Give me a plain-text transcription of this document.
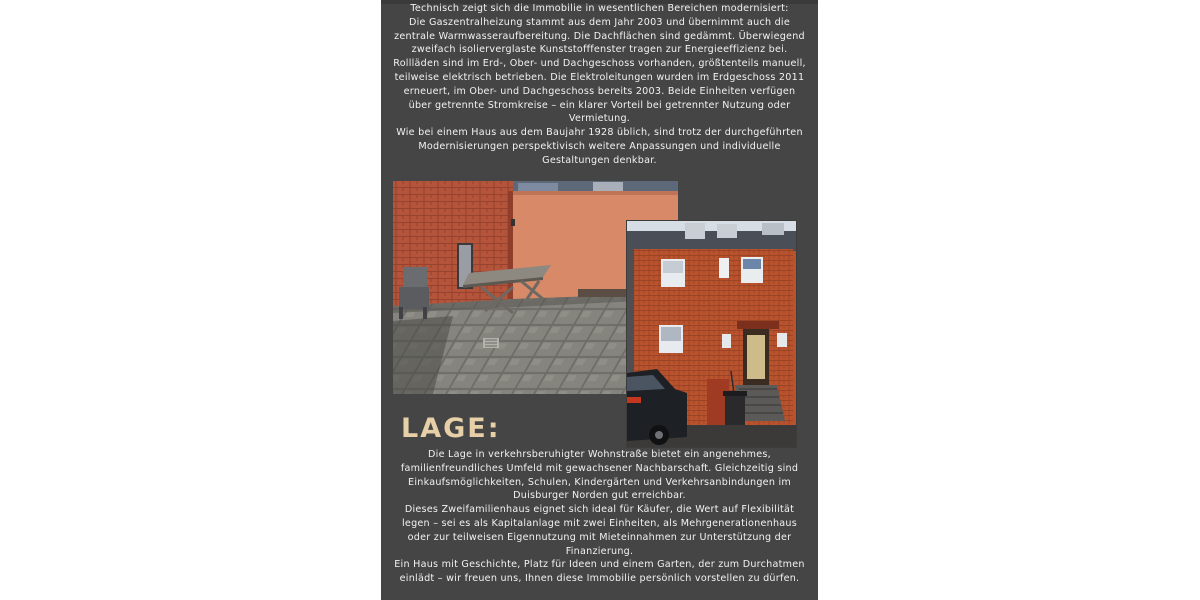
Technisch zeigt sich die Immobilie in wesentlichen Bereichen modernisiert:
Die Gaszentralheizung stammt aus dem Jahr 2003 und übernimmt auch die
zentrale Warmwasseraufbereitung. Die Dachflächen sind gedämmt. Überwiegend
zweifach isolierverglaste Kunststofffenster tragen zur Energieeffizienz bei.
Rollläden sind im Erd-, Ober- und Dachgeschoss vorhanden, größtenteils manuell,
teilweise elektrisch betrieben. Die Elektroleitungen wurden im Erdgeschoss 2011
erneuert, im Ober- und Dachgeschoss bereits 2003. Beide Einheiten verfügen
über getrennte Stromkreise – ein klarer Vorteil bei getrennter Nutzung oder
Vermietung.
Wie bei einem Haus aus dem Baujahr 1928 üblich, sind trotz der durchgeführten
Modernisierungen perspektivisch weitere Anpassungen und individuelle
Gestaltungen denkbar.
LAGE:
Die Lage in verkehrsberuhigter Wohnstraße bietet ein angenehmes,
familienfreundliches Umfeld mit gewachsener Nachbarschaft. Gleichzeitig sind
Einkaufsmöglichkeiten, Schulen, Kindergärten und Verkehrsanbindungen im
Duisburger Norden gut erreichbar.
Dieses Zweifamilienhaus eignet sich ideal für Käufer, die Wert auf Flexibilität
legen – sei es als Kapitalanlage mit zwei Einheiten, als Mehrgenerationenhaus
oder zur teilweisen Eigennutzung mit Mieteinnahmen zur Unterstützung der
Finanzierung.
Ein Haus mit Geschichte, Platz für Ideen und einem Garten, der zum Durchatmen
einlädt – wir freuen uns, Ihnen diese Immobilie persönlich vorstellen zu dürfen.
